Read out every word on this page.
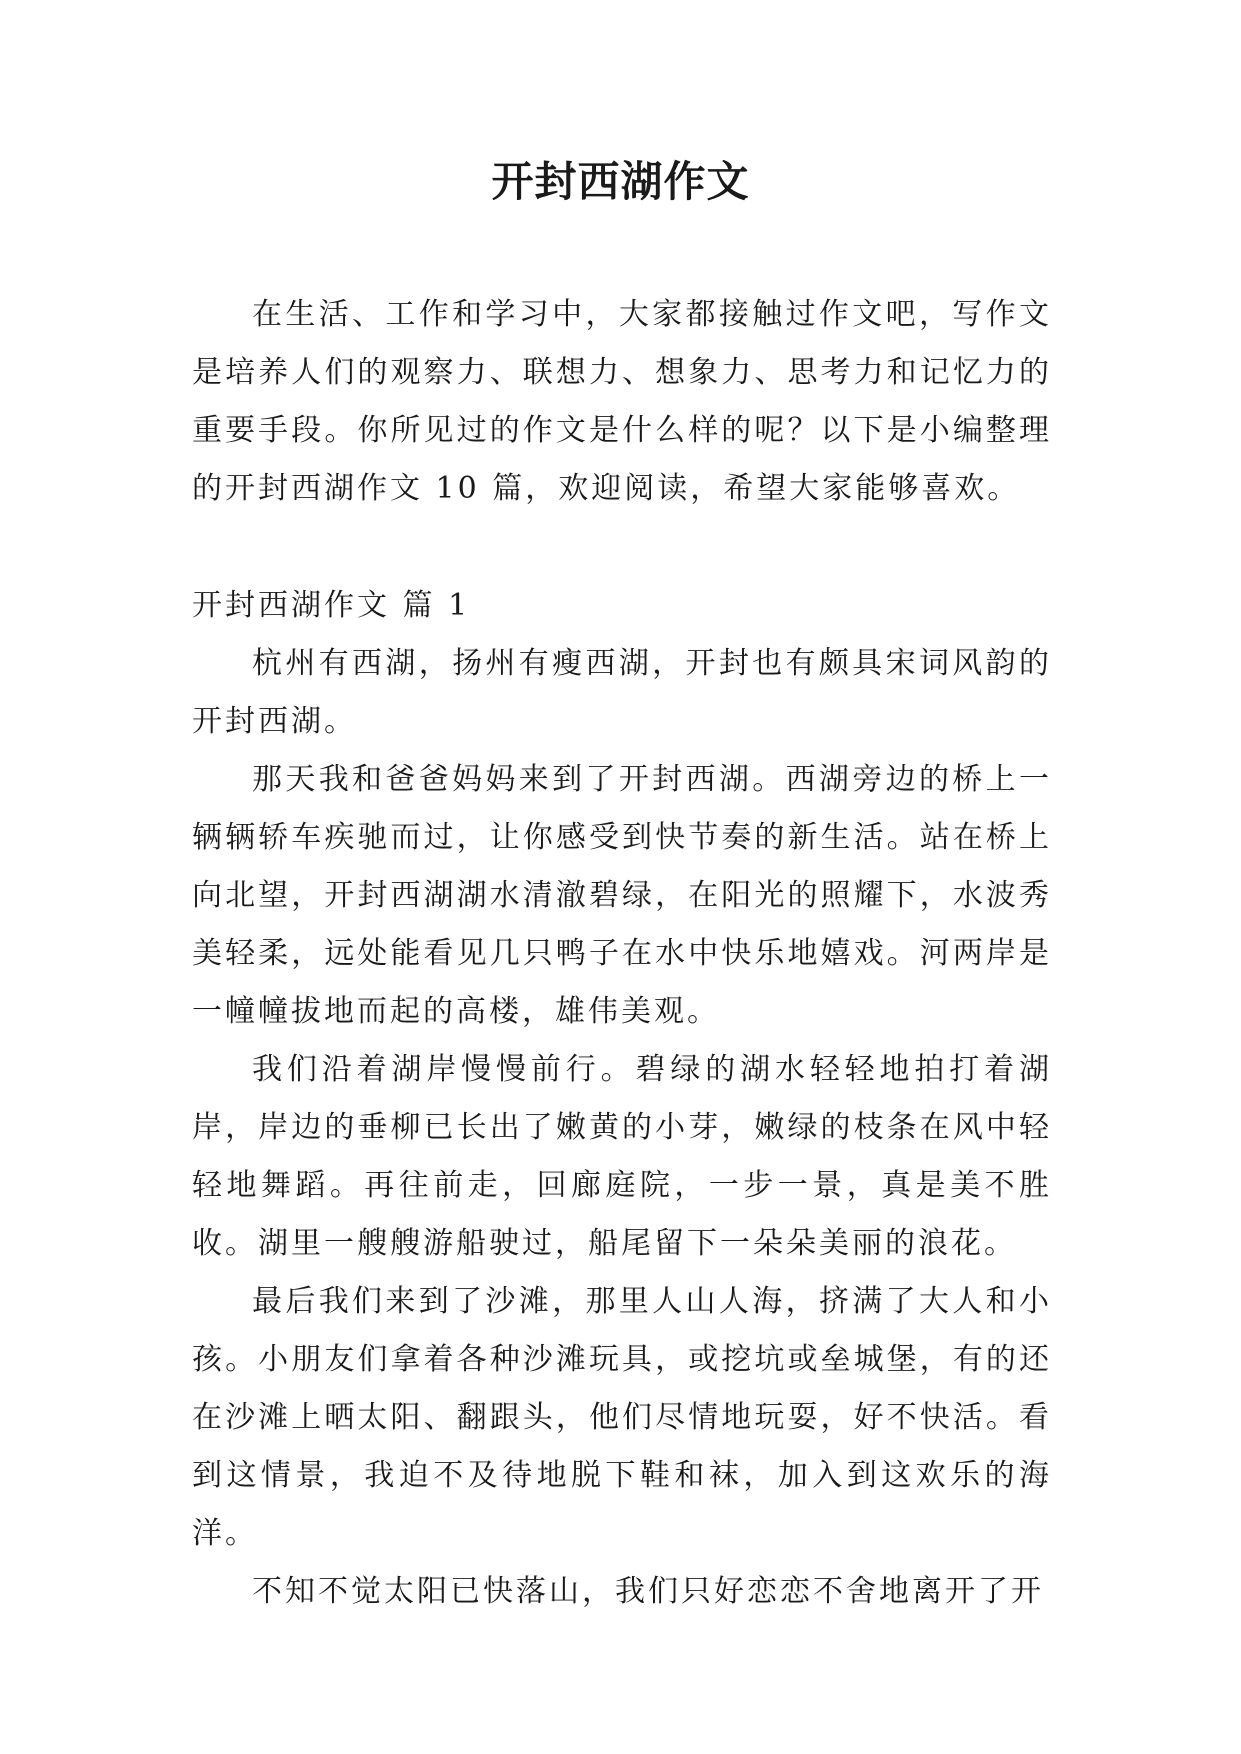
开封西湖作文

在生活、工作和学习中，大家都接触过作文吧，写作文是培养人们的观察力、联想力、想象力、思考力和记忆力的重要手段。你所见过的作文是什么样的呢？以下是小编整理的开封西湖作文 10 篇，欢迎阅读，希望大家能够喜欢。

开封西湖作文 篇 1

杭州有西湖，扬州有瘦西湖，开封也有颇具宋词风韵的开封西湖。

那天我和爸爸妈妈来到了开封西湖。西湖旁边的桥上一辆辆轿车疾驰而过，让你感受到快节奏的新生活。站在桥上向北望，开封西湖湖水清澈碧绿，在阳光的照耀下，水波秀美轻柔，远处能看见几只鸭子在水中快乐地嬉戏。河两岸是一幢幢拔地而起的高楼，雄伟美观。

我们沿着湖岸慢慢前行。碧绿的湖水轻轻地拍打着湖岸，岸边的垂柳已长出了嫩黄的小芽，嫩绿的枝条在风中轻轻地舞蹈。再往前走，回廊庭院，一步一景，真是美不胜收。湖里一艘艘游船驶过，船尾留下一朵朵美丽的浪花。

最后我们来到了沙滩，那里人山人海，挤满了大人和小孩。小朋友们拿着各种沙滩玩具，或挖坑或垒城堡，有的还在沙滩上晒太阳、翻跟头，他们尽情地玩耍，好不快活。看到这情景，我迫不及待地脱下鞋和袜，加入到这欢乐的海洋。

不知不觉太阳已快落山，我们只好恋恋不舍地离开了开
